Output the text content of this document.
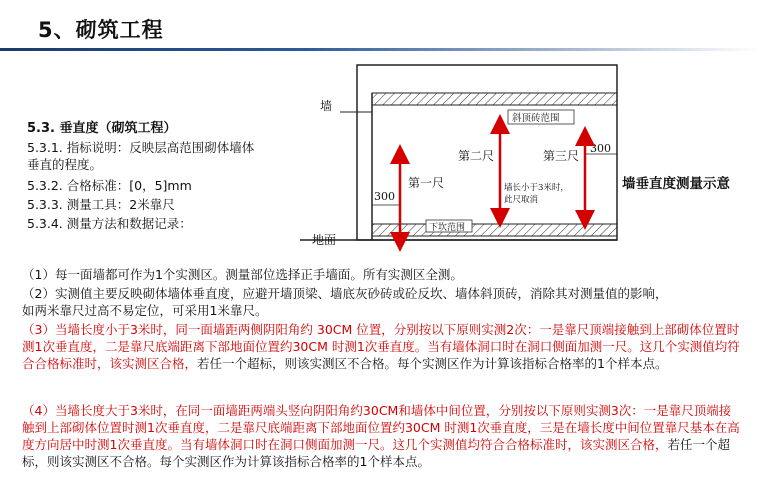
5、砌筑工程
5.3. 垂直度（砌筑工程）
5.3.1. 指标说明：反映层高范围砌体墙体
垂直的程度。
5.3.2. 合格标准：[0，5]mm
5.3.3. 测量工具：2米靠尺
5.3.4. 测量方法和数据记录：
墙
地面
斜顶砖范围
下坎范围
300
300
第一尺
第二尺	第三尺
墙长小于3米时，
此尺取消
墙垂直度测量示意
（1）每一面墙都可作为1个实测区。测量部位选择正手墙面。所有实测区全测。
（2）实测值主要反映砌体墙体垂直度，应避开墙顶梁、墙底灰砂砖或砼反坎、墙体斜顶砖，消除其对测量值的影响，
如两米靠尺过高不易定位，可采用1米靠尺。
（3）当墙长度小于3米时，同一面墙距两侧阴阳角约 30CM 位置，分别按以下原则实测2次：一是靠尺顶端接触到上部砌体位置时测1次垂直度，二是靠尺底端距离下部地面位置约30CM 时测1次垂直度。当有墙体洞口时在洞口侧面加测一尺。这几个实测值均符合合格标准时，该实测区合格，若任一个超标，则该实测区不合格。每个实测区作为计算该指标合格率的1个样本点。
（4）当墙长度大于3米时，在同一面墙距两端头竖向阴阳角约30CM和墙体中间位置，分别按以下原则实测3次：一是靠尺顶端接触到上部砌体位置时测1次垂直度，二是靠尺底端距离下部地面位置约30CM 时测1次垂直度，三是在墙长度中间位置靠尺基本在高度方向居中时测1次垂直度。当有墙体洞口时在洞口侧面加测一尺。这几个实测值均符合合格标准时，该实测区合格，若任一个超标，则该实测区不合格。每个实测区作为计算该指标合格率的1个样本点。
